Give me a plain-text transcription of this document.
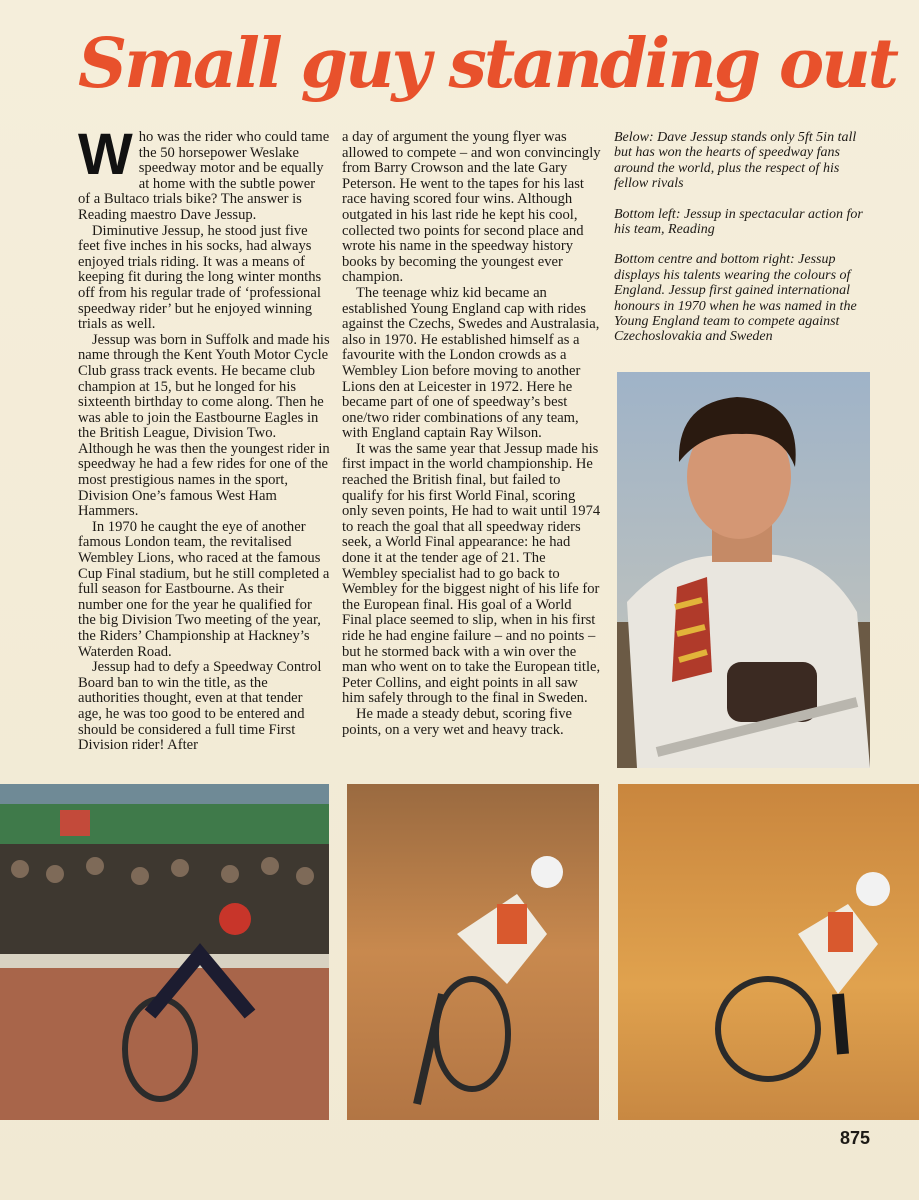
Small guy standing out
W ho was the rider who could tame the 50 horsepower Weslake speedway motor and be equally at home with the subtle power of a Bultaco trials bike? The answer is Reading maestro Dave Jessup.

Diminutive Jessup, he stood just five feet five inches in his socks, had always enjoyed trials riding. It was a means of keeping fit during the long winter months off from his regular trade of ‘professional speedway rider’ but he enjoyed winning trials as well.

Jessup was born in Suffolk and made his name through the Kent Youth Motor Cycle Club grass track events. He became club champion at 15, but he longed for his sixteenth birthday to come along. Then he was able to join the Eastbourne Eagles in the British League, Division Two. Although he was then the youngest rider in speedway he had a few rides for one of the most prestigious names in the sport, Division One’s famous West Ham Hammers.

In 1970 he caught the eye of another famous London team, the revitalised Wembley Lions, who raced at the famous Cup Final stadium, but he still completed a full season for Eastbourne. As their number one for the year he qualified for the big Division Two meeting of the year, the Riders’ Championship at Hackney’s Waterden Road.

Jessup had to defy a Speedway Control Board ban to win the title, as the authorities thought, even at that tender age, he was too good to be entered and should be considered a full time First Division rider! After

a day of argument the young flyer was allowed to compete – and won convincingly from Barry Crowson and the late Gary Peterson. He went to the tapes for his last race having scored four wins. Although outgated in his last ride he kept his cool, collected two points for second place and wrote his name in the speedway history books by becoming the youngest ever champion.

The teenage whiz kid became an established Young England cap with rides against the Czechs, Swedes and Australasia, also in 1970. He established himself as a favourite with the London crowds as a Wembley Lion before moving to another Lions den at Leicester in 1972. Here he became part of one of speedway’s best one/two rider combinations of any team, with England captain Ray Wilson.

It was the same year that Jessup made his first impact in the world championship. He reached the British final, but failed to qualify for his first World Final, scoring only seven points, He had to wait until 1974 to reach the goal that all speedway riders seek, a World Final appearance: he had done it at the tender age of 21. The Wembley specialist had to go back to Wembley for the biggest night of his life for the European final. His goal of a World Final place seemed to slip, when in his first ride he had engine failure – and no points – but he stormed back with a win over the man who went on to take the European title, Peter Collins, and eight points in all saw him safely through to the final in Sweden.

He made a steady debut, scoring five points, on a very wet and heavy track.

Below: Dave Jessup stands only 5ft 5in tall but has won the hearts of speedway fans around the world, plus the respect of his fellow rivals

Bottom left: Jessup in spectacular action for his team, Reading

Bottom centre and bottom right: Jessup displays his talents wearing the colours of England. Jessup first gained international honours in 1970 when he was named in the Young England team to compete against Czechoslovakia and Sweden

875
